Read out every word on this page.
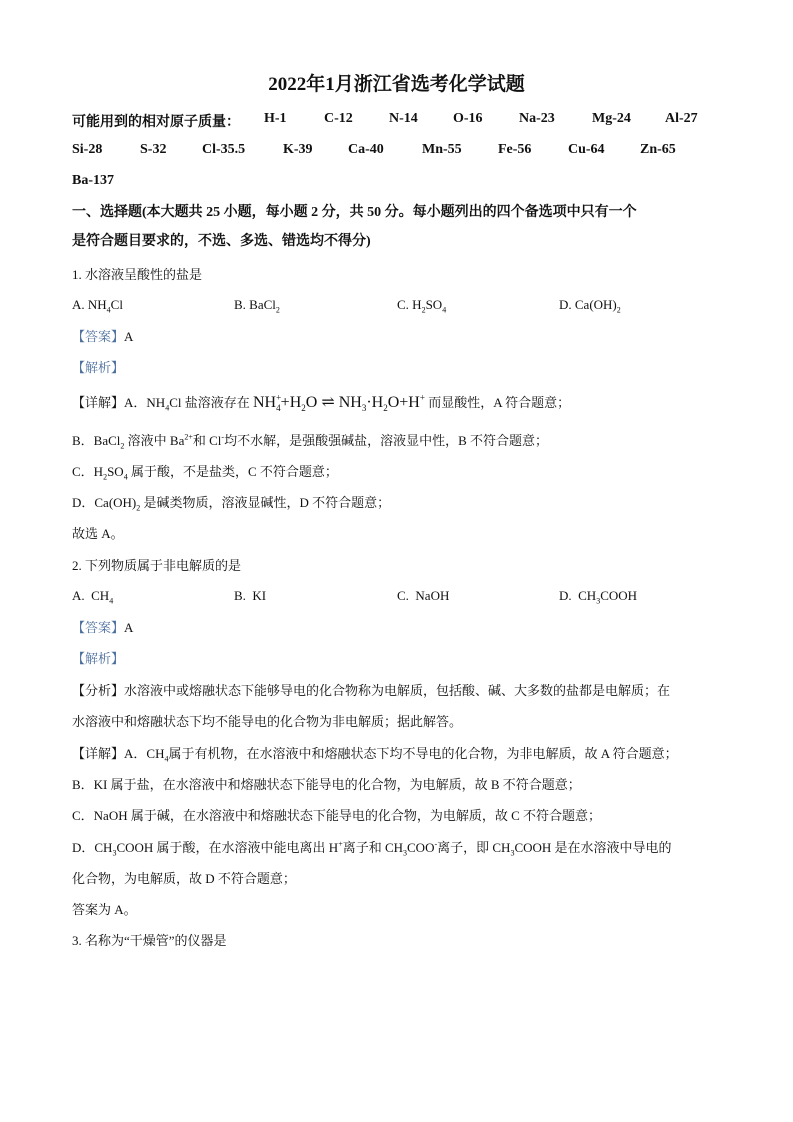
2022年1月浙江省选考化学试题
可能用到的相对原子质量： H-1	C-12	N-14	O-16	Na-23	Mg-24 Al-27
Si-28	S-32	Cl-35.5	K-39	Ca-40	Mn-55	Fe-56	Cu-64	Zn-65
Ba-137
一、选择题(本大题共 25 小题，每小题 2 分，共 50 分。每小题列出的四个备选项中只有一个
是符合题目要求的，不选、多选、错选均不得分)
1. 水溶液呈酸性的盐是
A. $NH_4Cl$	B. BaCl$_2$	C. $H_2SO_4$	D. $Ca(OH)_2$
【答案】A
【解析】
【详解】A．$NH_4Cl$ 盐溶液存在 $NH^+_4+H_2O$ ⇌ $NH_3\cdot H_2O+H^+$ 而显酸性，A 符合题意；
B．BaCl$_2$ 溶液中 $Ba^{2+}$和 Cl-均不水解，是强酸强碱盐，溶液显中性，B 不符合题意；
C．$H_2SO_4$ 属于酸，不是盐类，C 不符合题意；
D．$Ca(OH)_2$ 是碱类物质，溶液显碱性，D 不符合题意；
故选 A。
2. 下列物质属于非电解质的是
A.  $CH_4$	B.  KI	C.  NaOH	D.  $CH_3COOH$
【答案】A
【解析】
【分析】水溶液中或熔融状态下能够导电的化合物称为电解质，包括酸、碱、大多数的盐都是电解质；在
水溶液中和熔融状态下均不能导电的化合物为非电解质；据此解答。
【详解】A．$CH_4$属于有机物，在水溶液中和熔融状态下均不导电的化合物，为非电解质，故 A 符合题意；
B．KI 属于盐，在水溶液中和熔融状态下能导电的化合物，为电解质，故 B 不符合题意；
C．NaOH 属于碱，在水溶液中和熔融状态下能导电的化合物，为电解质，故 C 不符合题意；
D．$CH_3COOH$ 属于酸，在水溶液中能电离出 H+离子和 $CH_3COO^-$离子，即 $CH_3COOH$ 是在水溶液中导电的
化合物，为电解质，故 D 不符合题意；
答案为 A。
3. 名称为“干燥管”的仪器是
